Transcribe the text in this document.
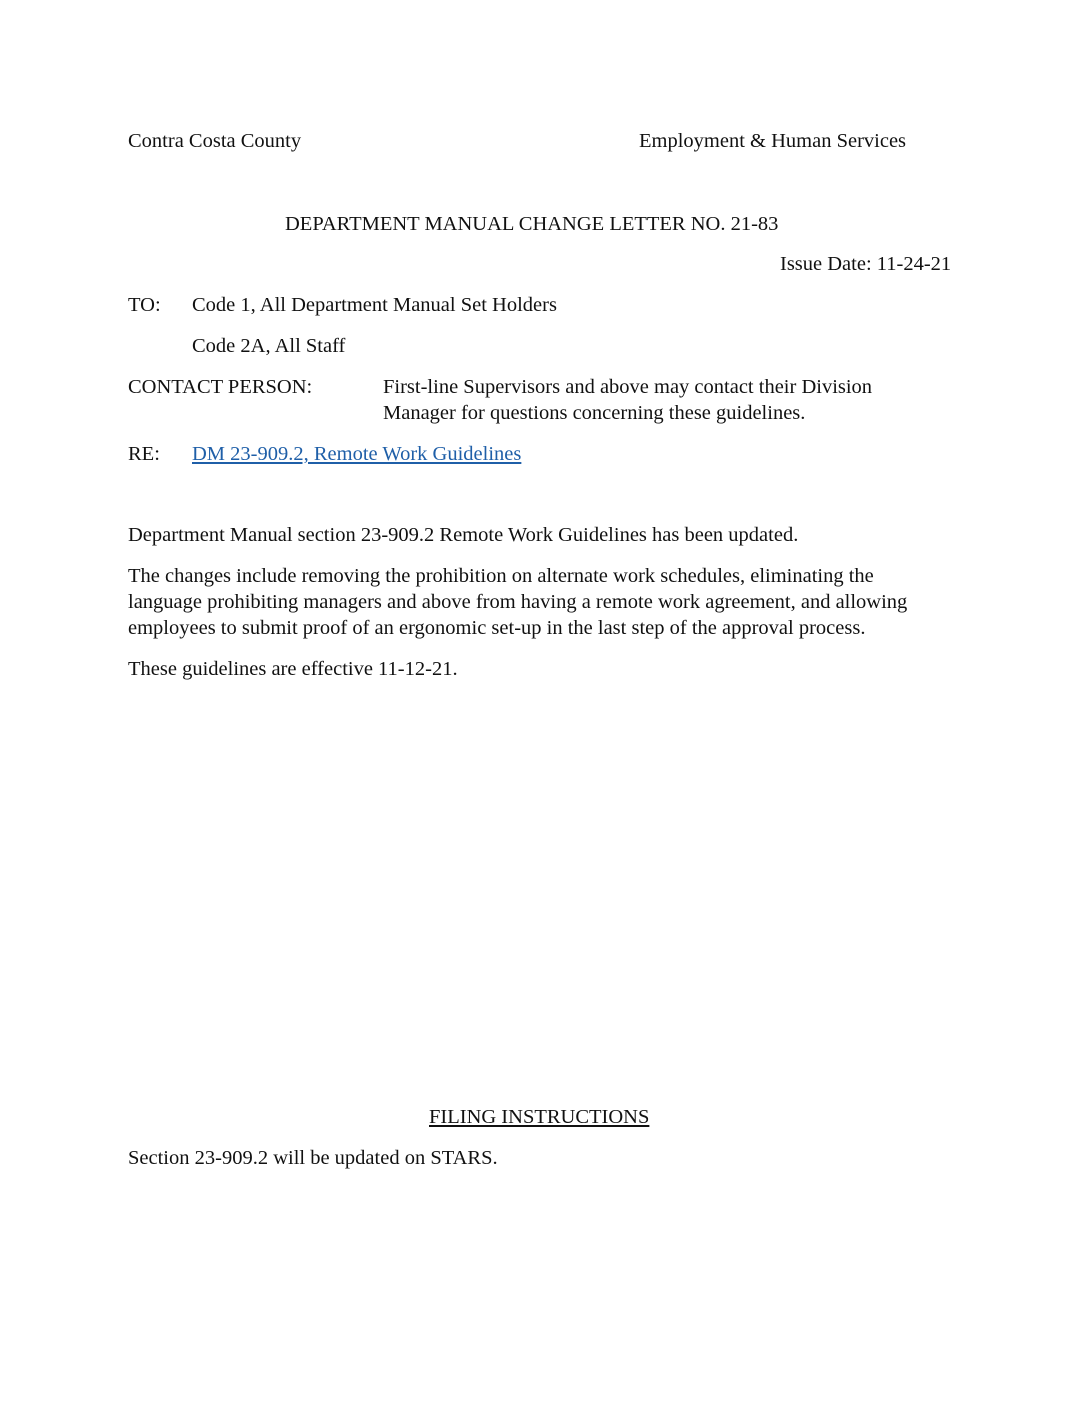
Contra Costa County	Employment & Human Services
DEPARTMENT MANUAL CHANGE LETTER NO. 21-83
Issue Date: 11-24-21
TO: Code 1, All Department Manual Set Holders
Code 2A, All Staff
CONTACT PERSON:	First-line Supervisors and above may contact their Division
Manager for questions concerning these guidelines.
RE: DM 23-909.2, Remote Work Guidelines
Department Manual section 23-909.2 Remote Work Guidelines has been updated.
The changes include removing the prohibition on alternate work schedules, eliminating the
language prohibiting managers and above from having a remote work agreement, and allowing
employees to submit proof of an ergonomic set-up in the last step of the approval process.
These guidelines are effective 11-12-21.
FILING INSTRUCTIONS
Section 23-909.2 will be updated on STARS.
